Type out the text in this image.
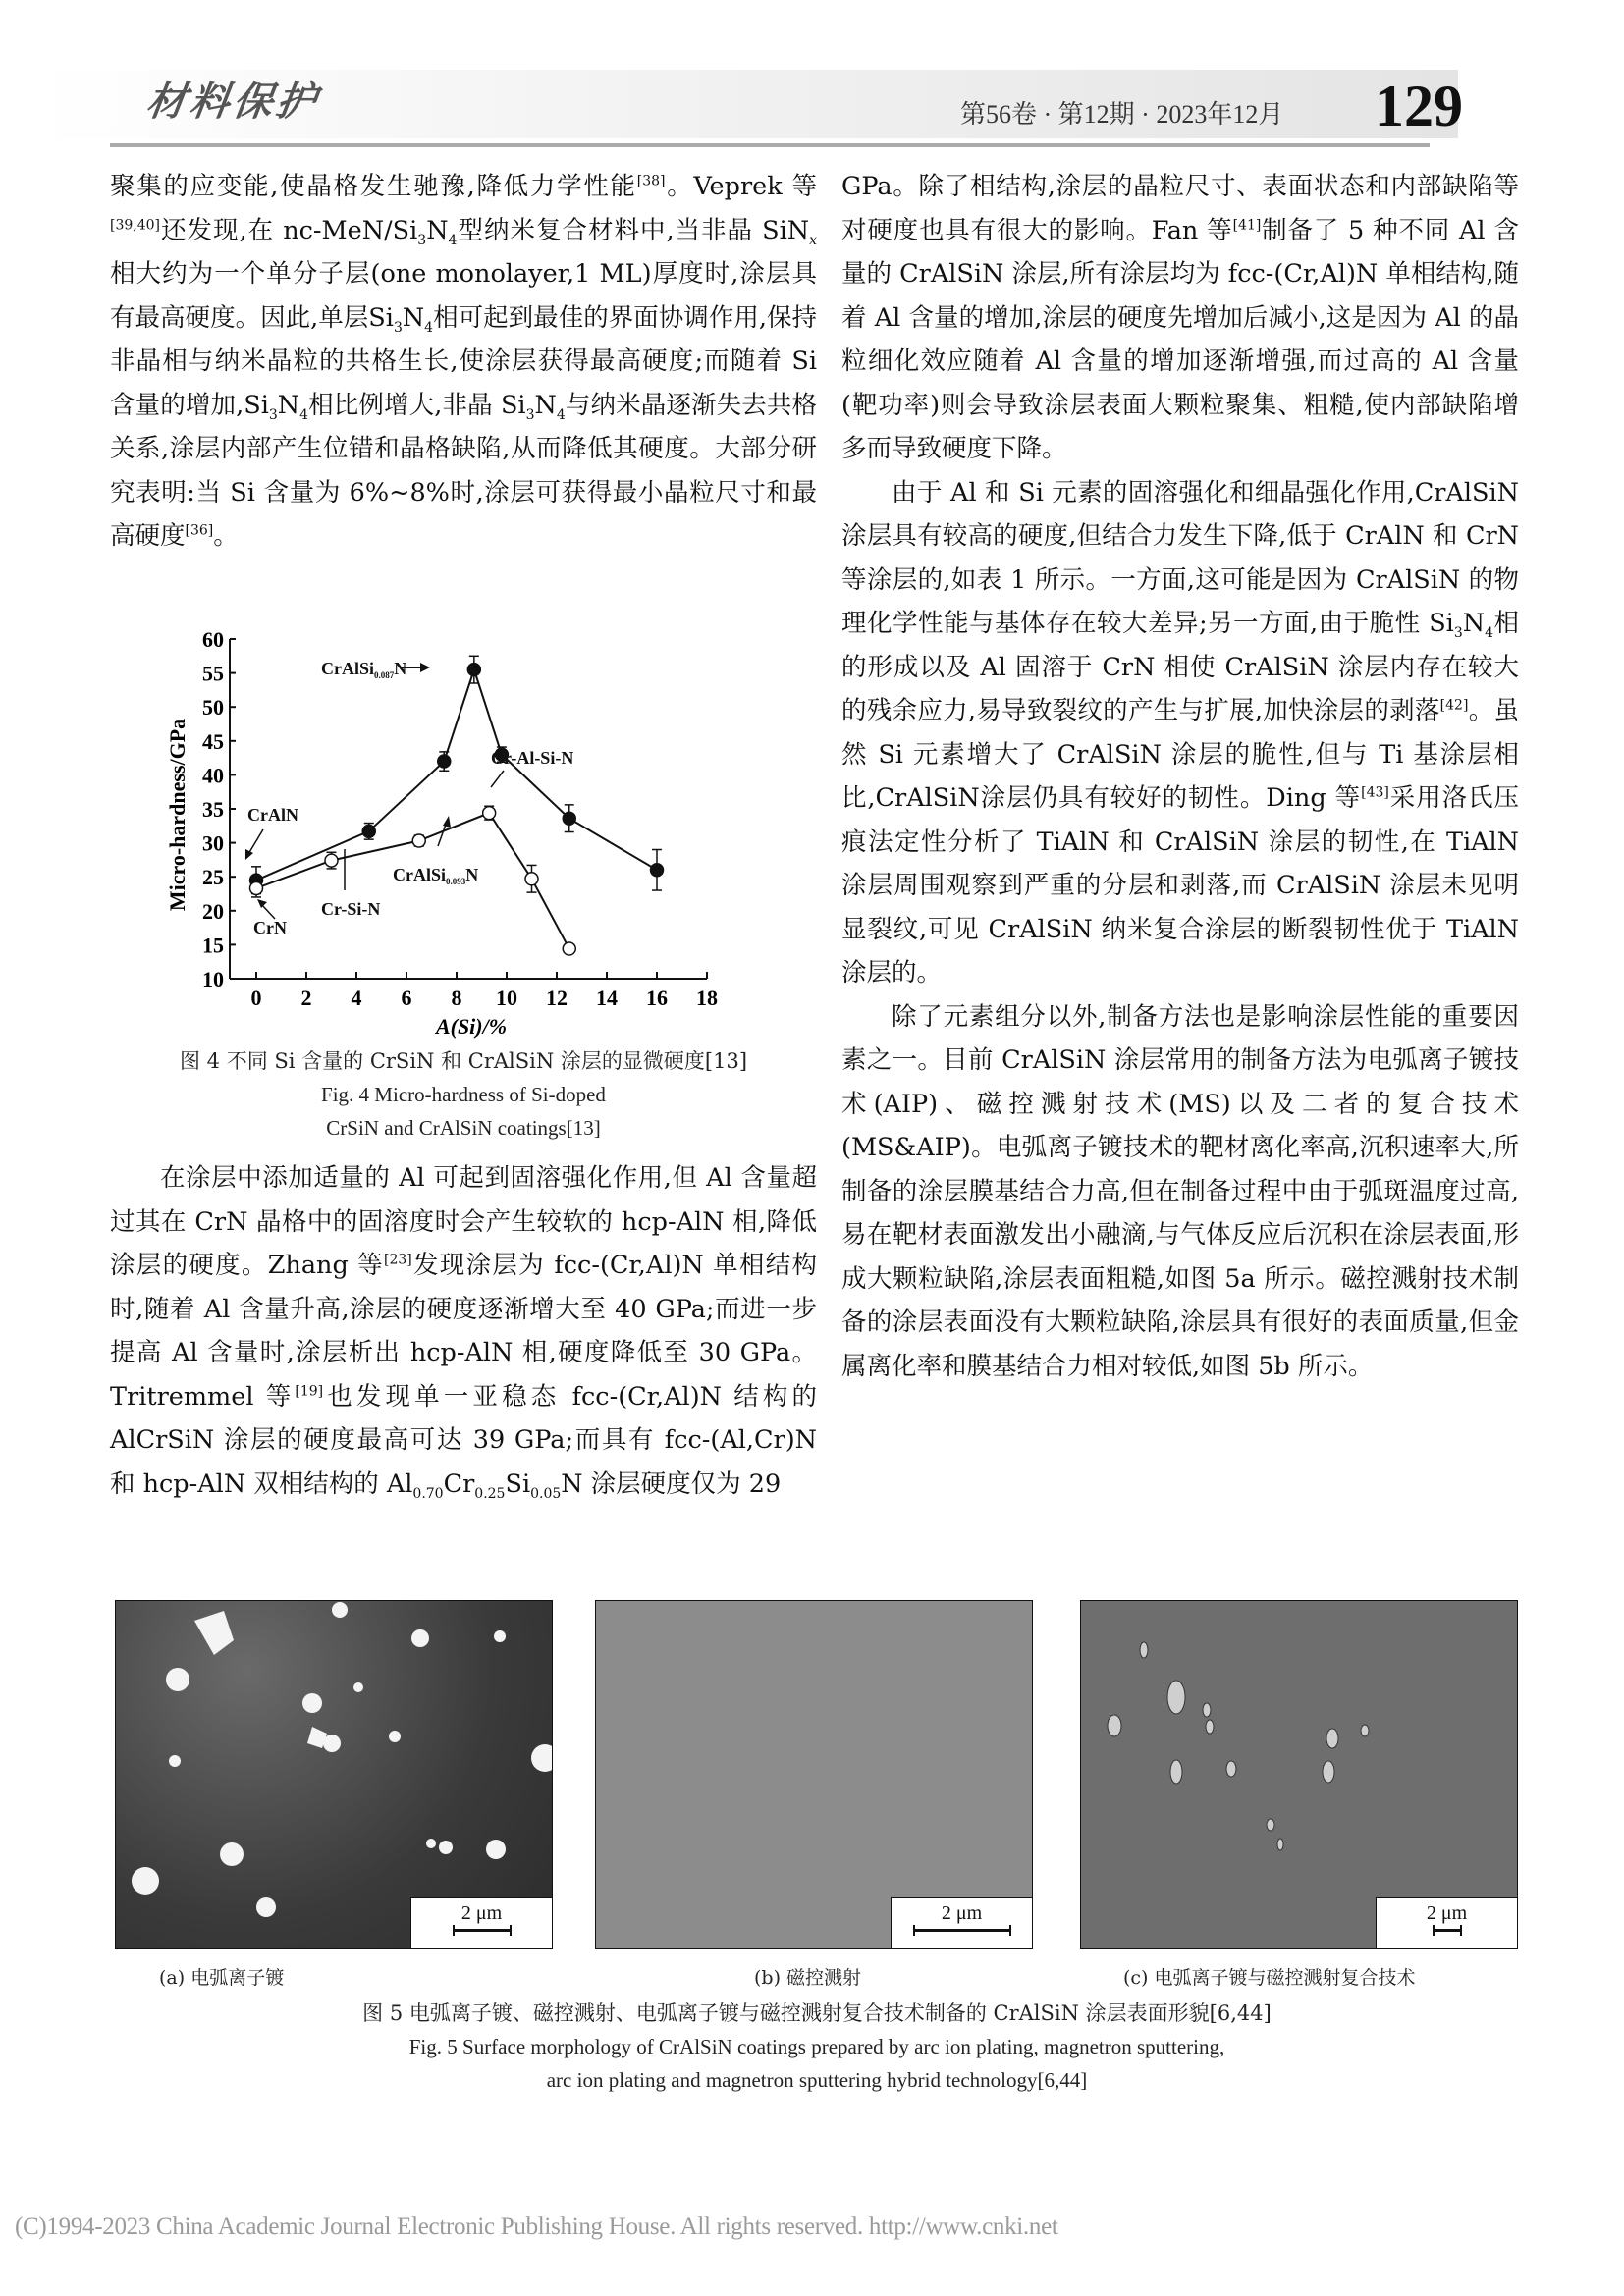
材料保护	第56卷 · 第12期 · 2023年12月 129

聚集的应变能,使晶格发生驰豫,降低力学性能[38]。Veprek 等[39,40]还发现,在 $nc-MeN/Si_3N_4$型纳米复合材料中,当非晶 SiN$_x$相大约为一个单分子层(one monolayer,1 ML)厚度时,涂层具有最高硬度。因此,单层$Si_3N_4$相可起到最佳的界面协调作用,保持非晶相与纳米晶粒的共格生长,使涂层获得最高硬度;而随着 Si 含量的增加$,Si_3N_4$相比例增大,非晶 $Si_3N_4$与纳米晶逐渐失去共格关系,涂层内部产生位错和晶格缺陷,从而降低其硬度。大部分研究表明:当 Si 含量为 6%~8%时,涂层可获得最小晶粒尺寸和最高硬度[36]。

10
15
20
25
30
35
40
45
50
55
60
0 2 4 6 8 10 12 14 16 18
Micro-hardness/GPa
A(Si)/%
CrAlSi$_{0.087}$N
Cr-Al-Si-N
CrAlN
CrN
Cr-Si-N
CrAlSi$_{0.093}$N
图 4 不同 Si 含量的 CrSiN 和 CrAlSiN 涂层的显微硬度[13]
Fig. 4 Micro-hardness of Si-doped
CrSiN and CrAlSiN coatings[13]

在涂层中添加适量的 Al 可起到固溶强化作用,但 Al 含量超过其在 CrN 晶格中的固溶度时会产生较软的 hcp-AlN 相,降低涂层的硬度。Zhang 等[23]发现涂层为 fcc-(Cr,Al)N 单相结构时,随着 Al 含量升高,涂层的硬度逐渐增大至 40 GPa;而进一步提高 Al 含量时,涂层析出 hcp-AlN 相,硬度降低至 30 GPa。Tritremmel 等[19]也发现单一亚稳态 fcc-(Cr,Al)N 结构的 AlCrSiN 涂层的硬度最高可达 39 GPa;而具有 fcc-(Al,Cr)N 和 hcp-AlN 双相结构的 $Al_{0.70}Cr_{0.25}Si_{0.05}N$ 涂层硬度仅为 29

GPa。除了相结构,涂层的晶粒尺寸、表面状态和内部缺陷等对硬度也具有很大的影响。Fan 等[41]制备了 5 种不同 Al 含量的 CrAlSiN 涂层,所有涂层均为 fcc-(Cr,Al)N 单相结构,随着 Al 含量的增加,涂层的硬度先增加后减小,这是因为 Al 的晶粒细化效应随着 Al 含量的增加逐渐增强,而过高的 Al 含量(靶功率)则会导致涂层表面大颗粒聚集、粗糙,使内部缺陷增多而导致硬度下降。

由于 Al 和 Si 元素的固溶强化和细晶强化作用,CrAlSiN 涂层具有较高的硬度,但结合力发生下降,低于 CrAlN 和 CrN 等涂层的,如表 1 所示。一方面,这可能是因为 CrAlSiN 的物理化学性能与基体存在较大差异;另一方面,由于脆性 $Si_3N_4$相的形成以及 Al 固溶于 CrN 相使 CrAlSiN 涂层内存在较大的残余应力,易导致裂纹的产生与扩展,加快涂层的剥落[42]。虽然 Si 元素增大了 CrAlSiN 涂层的脆性,但与 Ti 基涂层相比,CrAlSiN涂层仍具有较好的韧性。Ding 等[43]采用洛氏压痕法定性分析了 TiAlN 和 CrAlSiN 涂层的韧性,在 TiAlN 涂层周围观察到严重的分层和剥落,而 CrAlSiN 涂层未见明显裂纹,可见 CrAlSiN 纳米复合涂层的断裂韧性优于 TiAlN 涂层的。

除了元素组分以外,制备方法也是影响涂层性能的重要因素之一。目前 CrAlSiN 涂层常用的制备方法为电弧离子镀技术(AIP)、磁控溅射技术(MS)以及二者的复合技术(MS&AIP)。电弧离子镀技术的靶材离化率高,沉积速率大,所制备的涂层膜基结合力高,但在制备过程中由于弧斑温度过高,易在靶材表面激发出小融滴,与气体反应后沉积在涂层表面,形成大颗粒缺陷,涂层表面粗糙,如图 5a 所示。磁控溅射技术制备的涂层表面没有大颗粒缺陷,涂层具有很好的表面质量,但金属离化率和膜基结合力相对较低,如图 5b 所示。

2 μm	2 μm	2 μm
(a) 电弧离子镀	(b) 磁控溅射	(c) 电弧离子镀与磁控溅射复合技术
图 5 电弧离子镀、磁控溅射、电弧离子镀与磁控溅射复合技术制备的 CrAlSiN 涂层表面形貌[6,44]
Fig. 5 Surface morphology of CrAlSiN coatings prepared by arc ion plating, magnetron sputtering,
arc ion plating and magnetron sputtering hybrid technology[6,44]
(C)1994-2023 China Academic Journal Electronic Publishing House. All rights reserved. http://www.cnki.net
